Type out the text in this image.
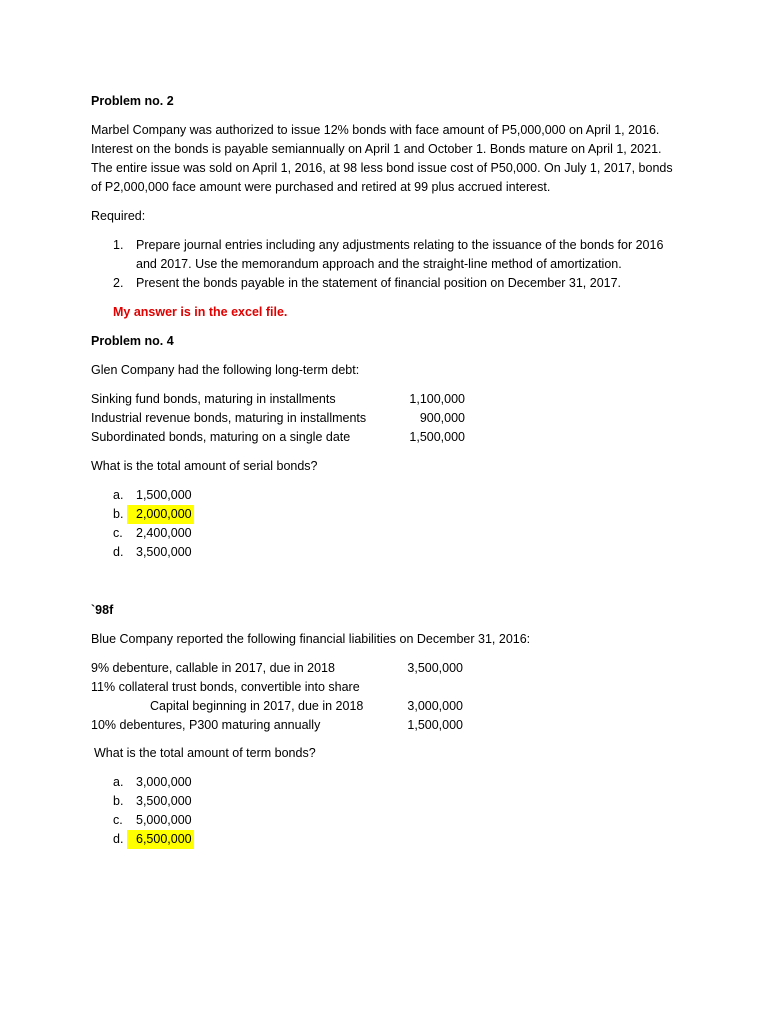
Problem no. 2
Marbel Company was authorized to issue 12% bonds with face amount of P5,000,000 on April 1, 2016.
Interest on the bonds is payable semiannually on April 1 and October 1. Bonds mature on April 1, 2021.
The entire issue was sold on April 1, 2016, at 98 less bond issue cost of P50,000. On July 1, 2017, bonds
of P2,000,000 face amount were purchased and retired at 99 plus accrued interest.
Required:
1. Prepare journal entries including any adjustments relating to the issuance of the bonds for 2016
and 2017. Use the memorandum approach and the straight-line method of amortization.
2. Present the bonds payable in the statement of financial position on December 31, 2017.
My answer is in the excel file.
Problem no. 4
Glen Company had the following long-term debt:
Sinking fund bonds, maturing in installments	1,100,000
Industrial revenue bonds, maturing in installments	900,000
Subordinated bonds, maturing on a single date	1,500,000
What is the total amount of serial bonds?
a. 1,500,000
b.	2,000,000
c. 2,400,000
d. 3,500,000
`98f
Blue Company reported the following financial liabilities on December 31, 2016:
9% debenture, callable in 2017, due in 2018	3,500,000
11% collateral trust bonds, convertible into share
Capital beginning in 2017, due in 2018	3,000,000
10% debentures, P300 maturing annually	1,500,000
What is the total amount of term bonds?
a. 3,000,000
b. 3,500,000
c. 5,000,000
d.	6,500,000
